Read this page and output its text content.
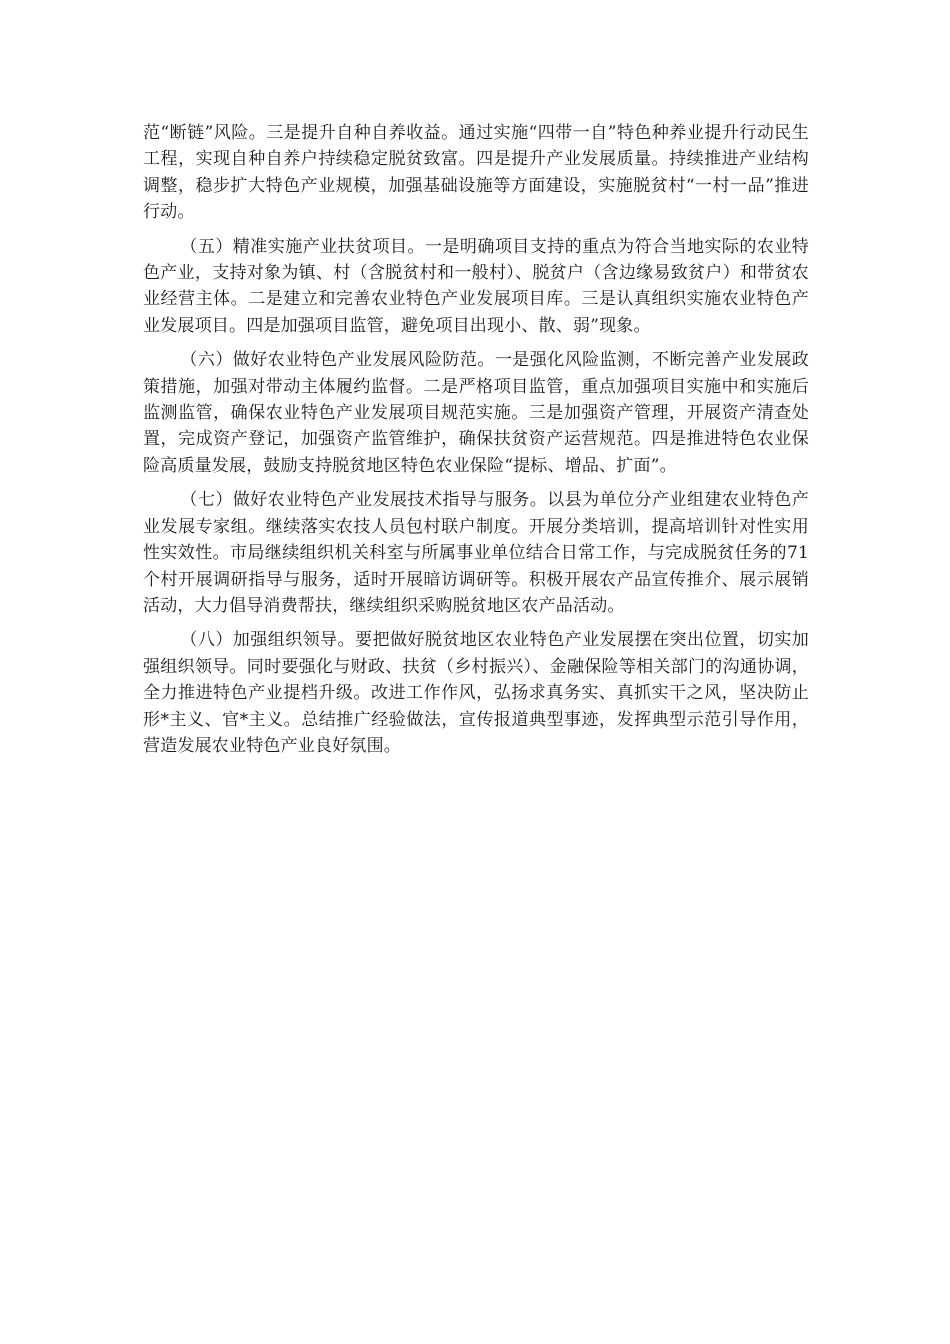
范“断链”风险。三是提升自种自养收益。通过实施“四带一自”特色种养业提升行动民生工程，实现自种自养户持续稳定脱贫致富。四是提升产业发展质量。持续推进产业结构调整，稳步扩大特色产业规模，加强基础设施等方面建设，实施脱贫村“一村一品”推进行动。

（五）精准实施产业扶贫项目。一是明确项目支持的重点为符合当地实际的农业特色产业，支持对象为镇、村（含脱贫村和一般村）、脱贫户（含边缘易致贫户）和带贫农业经营主体。二是建立和完善农业特色产业发展项目库。三是认真组织实施农业特色产业发展项目。四是加强项目监管，避免项目出现小、散、弱”现象。

（六）做好农业特色产业发展风险防范。一是强化风险监测，不断完善产业发展政策措施，加强对带动主体履约监督。二是严格项目监管，重点加强项目实施中和实施后监测监管，确保农业特色产业发展项目规范实施。三是加强资产管理，开展资产清查处置，完成资产登记，加强资产监管维护，确保扶贫资产运营规范。四是推进特色农业保险高质量发展，鼓励支持脱贫地区特色农业保险“提标、增品、扩面”。

（七）做好农业特色产业发展技术指导与服务。以县为单位分产业组建农业特色产业发展专家组。继续落实农技人员包村联户制度。开展分类培训，提高培训针对性实用性实效性。市局继续组织机关科室与所属事业单位结合日常工作，与完成脱贫任务的71个村开展调研指导与服务，适时开展暗访调研等。积极开展农产品宣传推介、展示展销活动，大力倡导消费帮扶，继续组织采购脱贫地区农产品活动。

（八）加强组织领导。要把做好脱贫地区农业特色产业发展摆在突出位置，切实加强组织领导。同时要强化与财政、扶贫（乡村振兴）、金融保险等相关部门的沟通协调，全力推进特色产业提档升级。改进工作作风，弘扬求真务实、真抓实干之风，坚决防止形*主义、官*主义。总结推广经验做法，宣传报道典型事迹，发挥典型示范引导作用，营造发展农业特色产业良好氛围。
